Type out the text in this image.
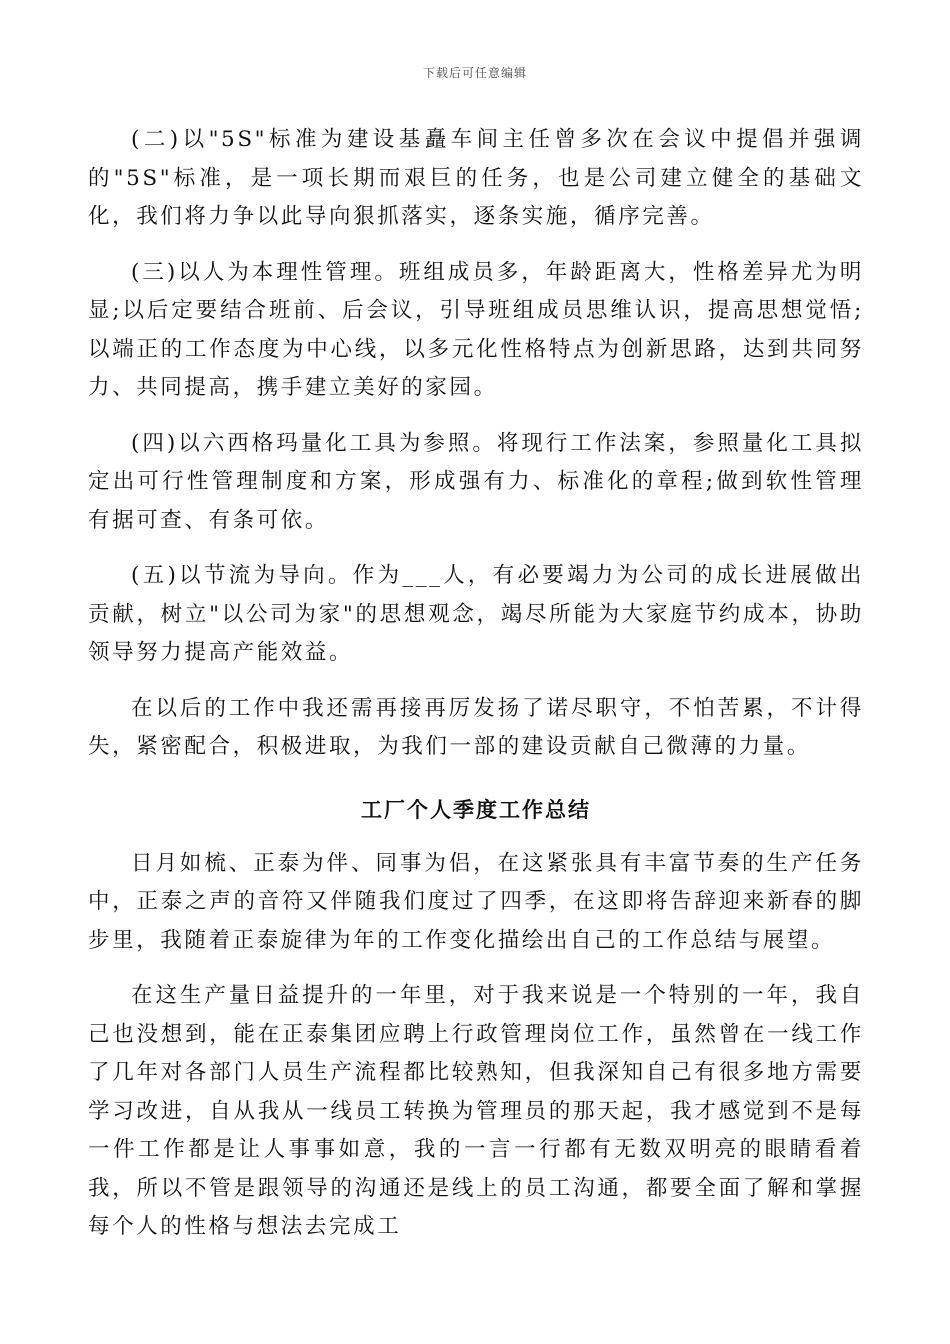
下载后可任意编辑

(二)以"5S"标准为建设基矗车间主任曾多次在会议中提倡并强调的"5S"标准，是一项长期而艰巨的任务，也是公司建立健全的基础文化，我们将力争以此导向狠抓落实，逐条实施，循序完善。

(三)以人为本理性管理。班组成员多，年龄距离大，性格差异尤为明显;以后定要结合班前、后会议，引导班组成员思维认识，提高思想觉悟;以端正的工作态度为中心线，以多元化性格特点为创新思路，达到共同努力、共同提高，携手建立美好的家园。

(四)以六西格玛量化工具为参照。将现行工作法案，参照量化工具拟定出可行性管理制度和方案，形成强有力、标准化的章程;做到软性管理有据可查、有条可依。

(五)以节流为导向。作为___人，有必要竭力为公司的成长进展做出贡献，树立"以公司为家"的思想观念，竭尽所能为大家庭节约成本，协助领导努力提高产能效益。

在以后的工作中我还需再接再厉发扬了诺尽职守，不怕苦累，不计得失，紧密配合，积极进取，为我们一部的建设贡献自己微薄的力量。

工厂个人季度工作总结

日月如梳、正泰为伴、同事为侣，在这紧张具有丰富节奏的生产任务中，正泰之声的音符又伴随我们度过了四季，在这即将告辞迎来新春的脚步里，我随着正泰旋律为年的工作变化描绘出自己的工作总结与展望。

在这生产量日益提升的一年里，对于我来说是一个特别的一年，我自己也没想到，能在正泰集团应聘上行政管理岗位工作，虽然曾在一线工作了几年对各部门人员生产流程都比较熟知，但我深知自己有很多地方需要学习改进，自从我从一线员工转换为管理员的那天起，我才感觉到不是每一件工作都是让人事事如意，我的一言一行都有无数双明亮的眼睛看着我，所以不管是跟领导的沟通还是线上的员工沟通，都要全面了解和掌握每个人的性格与想法去完成工
